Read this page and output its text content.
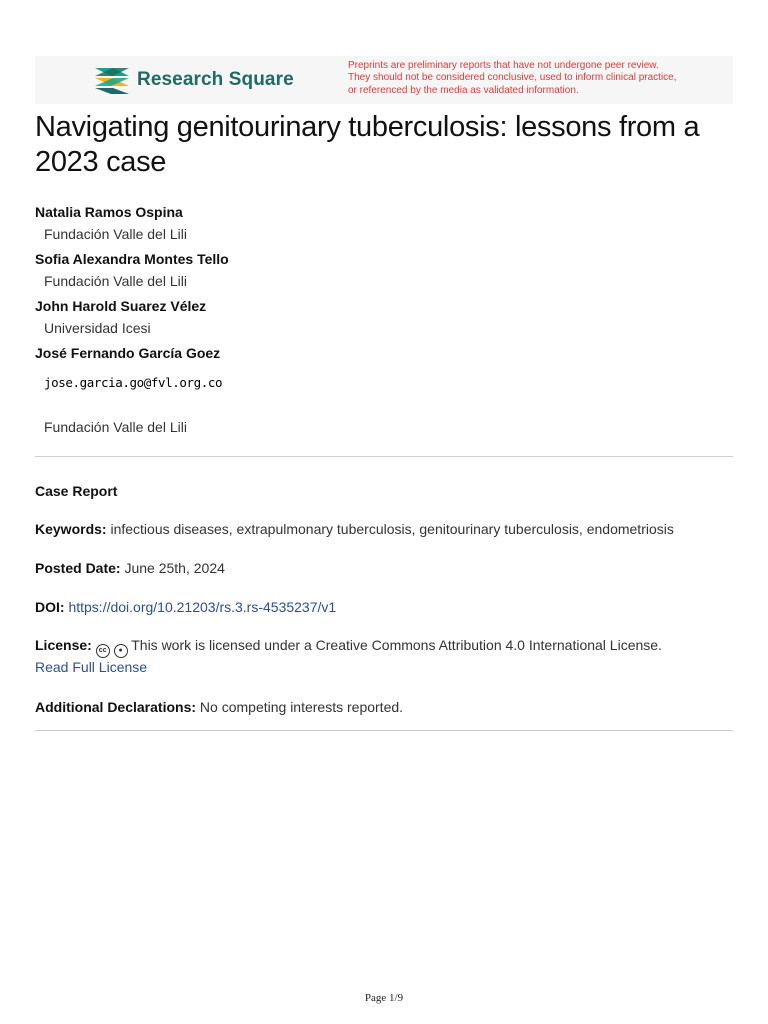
Research Square
Preprints are preliminary reports that have not undergone peer review.
They should not be considered conclusive, used to inform clinical practice,
or referenced by the media as validated information.
Navigating genitourinary tuberculosis: lessons from a 2023 case
Natalia Ramos Ospina
Fundación Valle del Lili
Sofia Alexandra Montes Tello
Fundación Valle del Lili
John Harold Suarez Vélez
Universidad Icesi
José Fernando García Goez
jose.garcia.go@fvl.org.co
Fundación Valle del Lili
Case Report
Keywords: infectious diseases, extrapulmonary tuberculosis, genitourinary tuberculosis, endometriosis
Posted Date: June 25th, 2024
DOI: https://doi.org/10.21203/rs.3.rs-4535237/v1
License: cc ● This work is licensed under a Creative Commons Attribution 4.0 International License.
Read Full License
Additional Declarations: No competing interests reported.
Page 1/9
